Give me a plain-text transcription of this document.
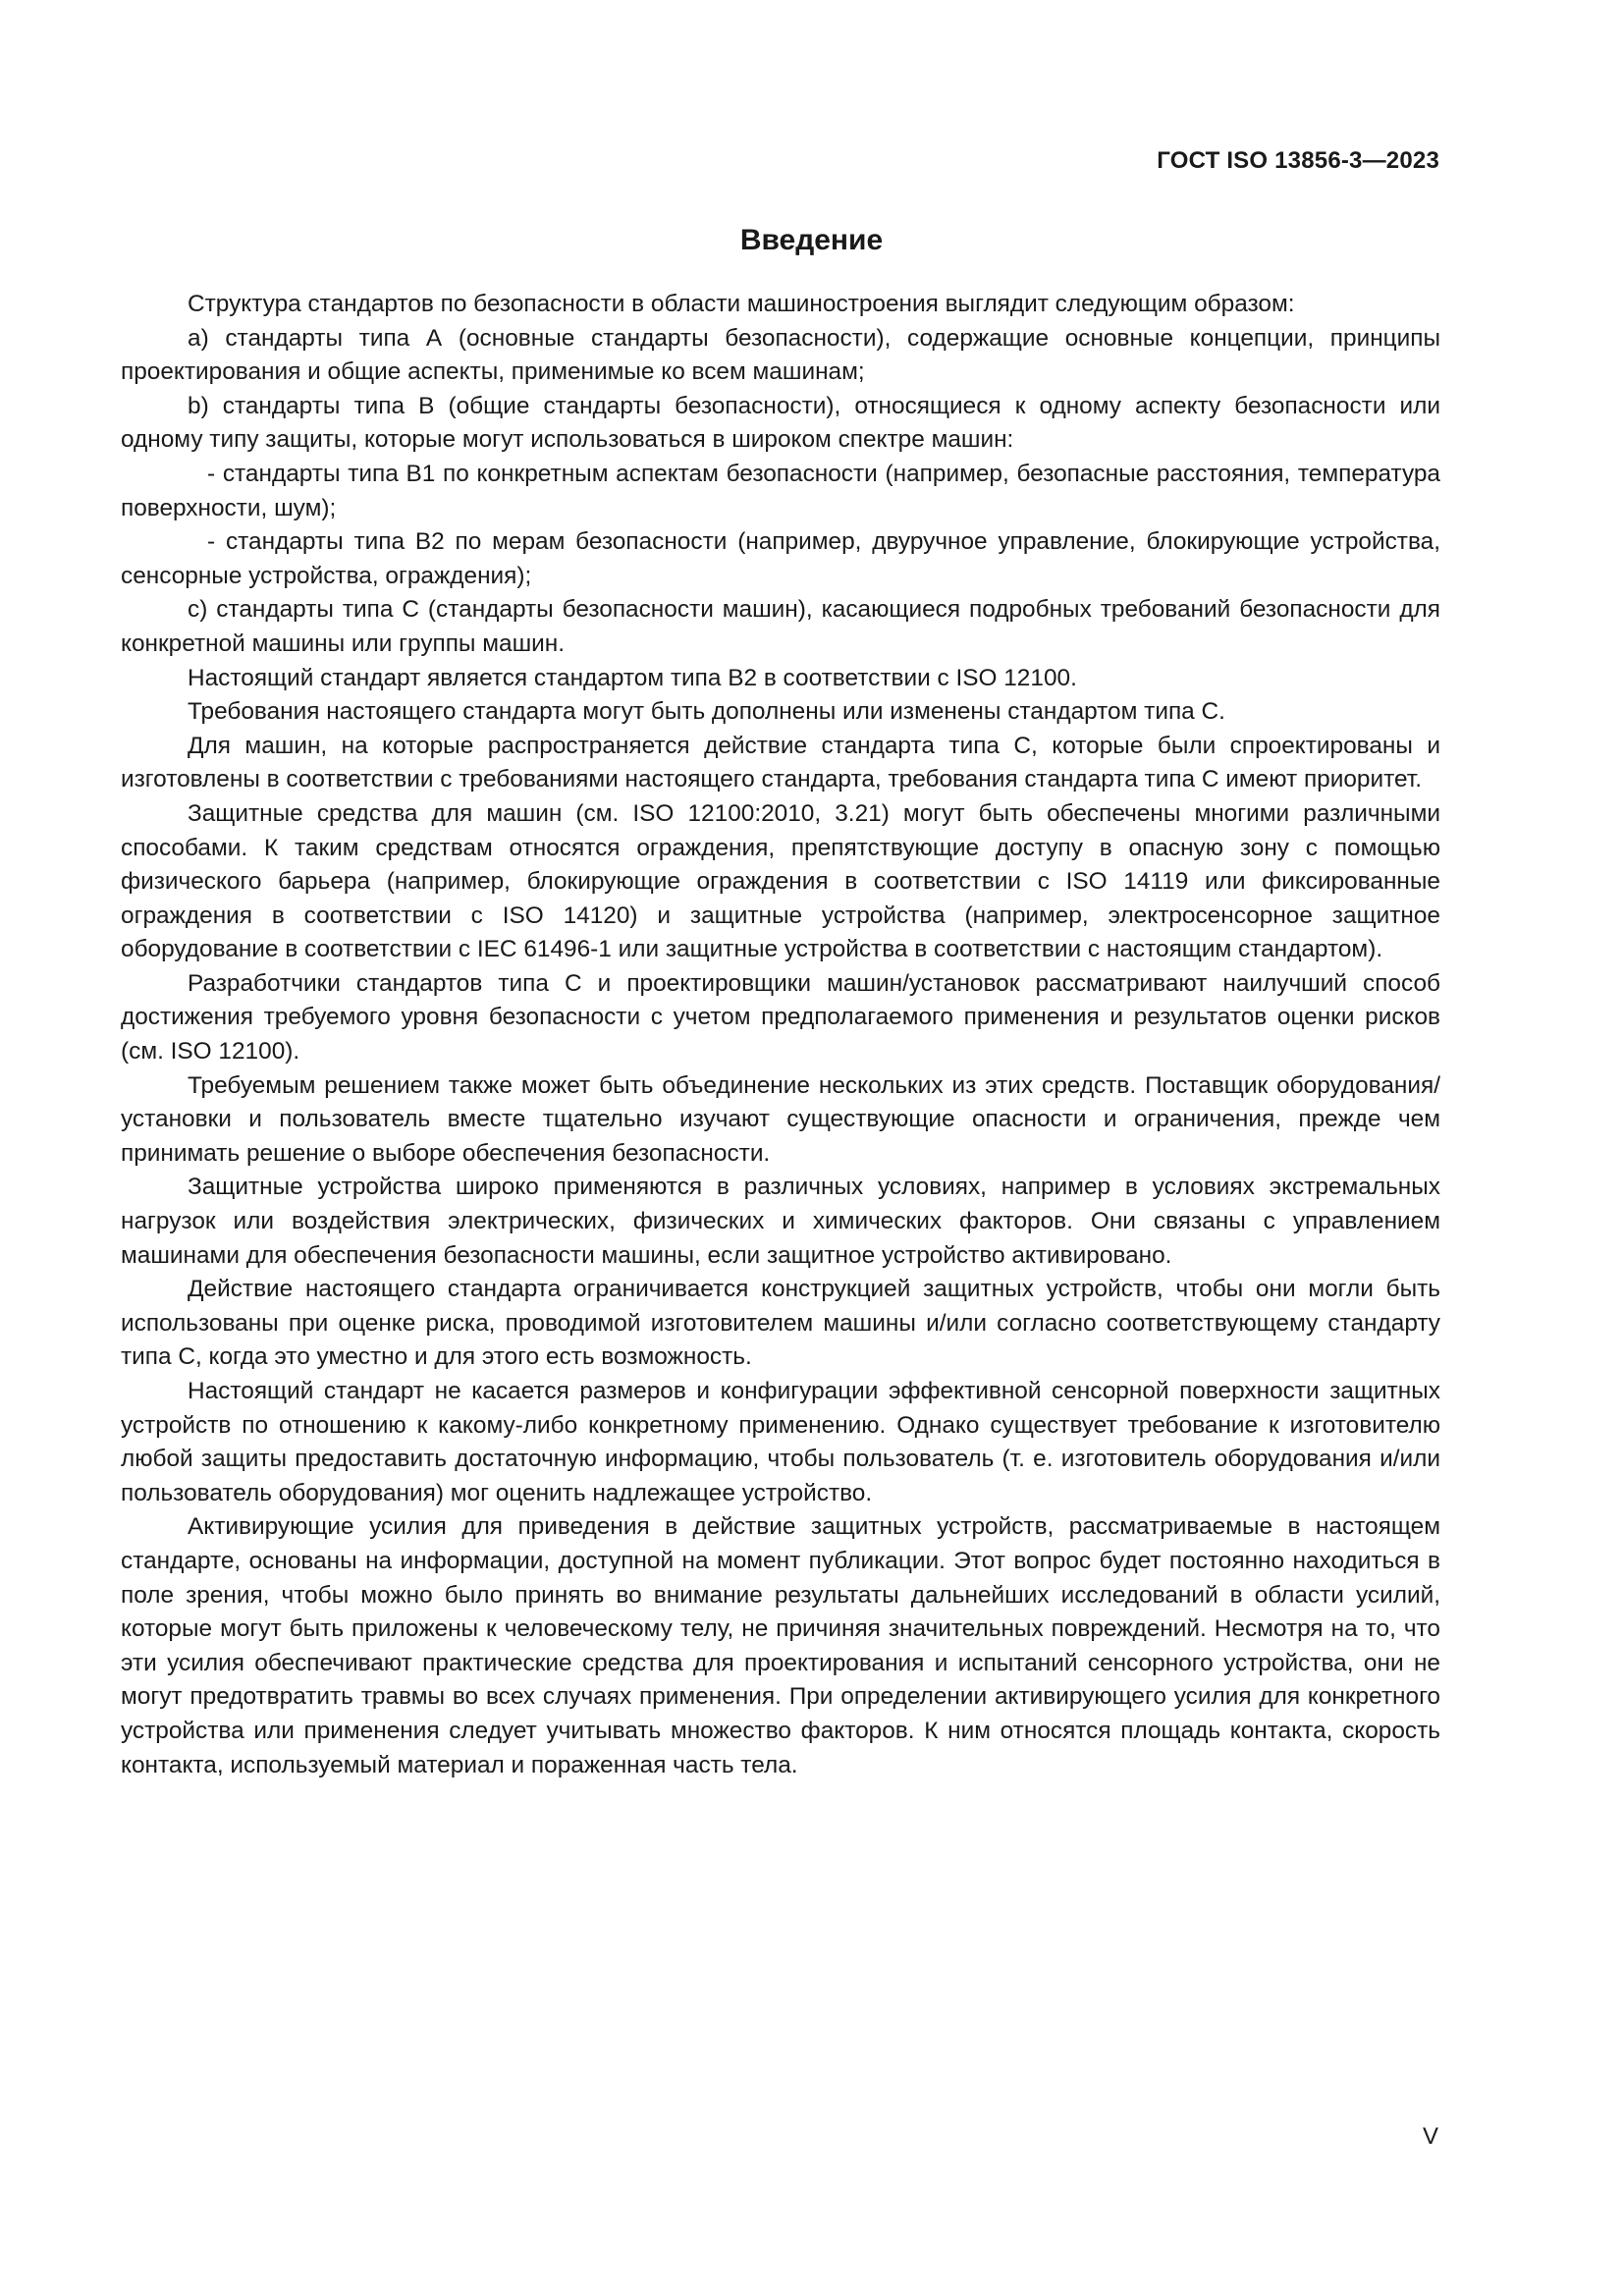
ГОСТ ISO 13856-3—2023
Введение

Структура стандартов по безопасности в области машиностроения выглядит следующим образом:

a) стандарты типа А (основные стандарты безопасности), содержащие основные концепции, принципы проектирования и общие аспекты, применимые ко всем машинам;

b) стандарты типа В (общие стандарты безопасности), относящиеся к одному аспекту безопасности или одному типу защиты, которые могут использоваться в широком спектре машин:

- стандарты типа В1 по конкретным аспектам безопасности (например, безопасные расстояния, температура поверхности, шум);

- стандарты типа В2 по мерам безопасности (например, двуручное управление, блокирующие устройства, сенсорные устройства, ограждения);

c) стандарты типа С (стандарты безопасности машин), касающиеся подробных требований безопасности для конкретной машины или группы машин.

Настоящий стандарт является стандартом типа В2 в соответствии с ISO 12100.

Требования настоящего стандарта могут быть дополнены или изменены стандартом типа С.

Для машин, на которые распространяется действие стандарта типа С, которые были спроектированы и изготовлены в соответствии с требованиями настоящего стандарта, требования стандарта типа С имеют приоритет.

Защитные средства для машин (см. ISO 12100:2010, 3.21) могут быть обеспечены многими различными способами. К таким средствам относятся ограждения, препятствующие доступу в опасную зону с помощью физического барьера (например, блокирующие ограждения в соответствии с ISO 14119 или фиксированные ограждения в соответствии с ISO 14120) и защитные устройства (например, электросенсорное защитное оборудование в соответствии с IEC 61496-1 или защитные устройства в соответствии с настоящим стандартом).

Разработчики стандартов типа С и проектировщики машин/установок рассматривают наилучший способ достижения требуемого уровня безопасности с учетом предполагаемого применения и результатов оценки рисков (см. ISO 12100).

Требуемым решением также может быть объединение нескольких из этих средств. Поставщик оборудования/установки и пользователь вместе тщательно изучают существующие опасности и ограничения, прежде чем принимать решение о выборе обеспечения безопасности.

Защитные устройства широко применяются в различных условиях, например в условиях экстремальных нагрузок или воздействия электрических, физических и химических факторов. Они связаны с управлением машинами для обеспечения безопасности машины, если защитное устройство активировано.

Действие настоящего стандарта ограничивается конструкцией защитных устройств, чтобы они могли быть использованы при оценке риска, проводимой изготовителем машины и/или согласно соответствующему стандарту типа С, когда это уместно и для этого есть возможность.

Настоящий стандарт не касается размеров и конфигурации эффективной сенсорной поверхности защитных устройств по отношению к какому-либо конкретному применению. Однако существует требование к изготовителю любой защиты предоставить достаточную информацию, чтобы пользователь (т. е. изготовитель оборудования и/или пользователь оборудования) мог оценить надлежащее устройство.

Активирующие усилия для приведения в действие защитных устройств, рассматриваемые в настоящем стандарте, основаны на информации, доступной на момент публикации. Этот вопрос будет постоянно находиться в поле зрения, чтобы можно было принять во внимание результаты дальнейших исследований в области усилий, которые могут быть приложены к человеческому телу, не причиняя значительных повреждений. Несмотря на то, что эти усилия обеспечивают практические средства для проектирования и испытаний сенсорного устройства, они не могут предотвратить травмы во всех случаях применения. При определении активирующего усилия для конкретного устройства или применения следует учитывать множество факторов. К ним относятся площадь контакта, скорость контакта, используемый материал и пораженная часть тела.

V
